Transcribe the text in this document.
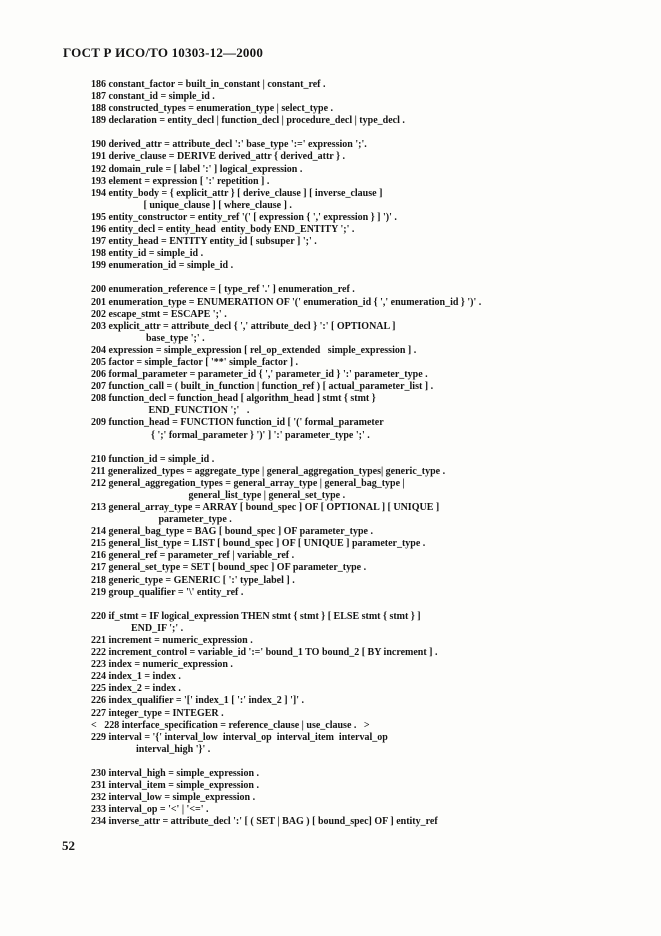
ГОСТ Р ИСО/ТО 10303-12—2000
186 constant_factor = built_in_constant | constant_ref .
187 constant_id = simple_id .
188 constructed_types = enumeration_type | select_type .
189 declaration = entity_decl | function_decl | procedure_decl | type_decl .
190 derived_attr = attribute_decl ':' base_type ':=' expression ';'.
191 derive_clause = DERIVE derived_attr { derived_attr } .
192 domain_rule = [ label ':' ] logical_expression .
193 element = expression [ ':' repetition ] .
194 entity_body = { explicit_attr } [ derive_clause ] [ inverse_clause ]
[ unique_clause ] [ where_clause ] .
195 entity_constructor = entity_ref '(' [ expression { ',' expression } ] ')' .
196 entity_decl = entity_head  entity_body END_ENTITY ';' .
197 entity_head = ENTITY entity_id [ subsuper ] ';' .
198 entity_id = simple_id .
199 enumeration_id = simple_id .
200 enumeration_reference = [ type_ref '.' ] enumeration_ref .
201 enumeration_type = ENUMERATION OF '(' enumeration_id { ',' enumeration_id } ')' .
202 escape_stmt = ESCAPE ';' .
203 explicit_attr = attribute_decl { ',' attribute_decl } ':' [ OPTIONAL ]
base_type ';' .
204 expression = simple_expression [ rel_op_extended   simple_expression ] .
205 factor = simple_factor [ '**' simple_factor ] .
206 formal_parameter = parameter_id { ',' parameter_id } ':' parameter_type .
207 function_call = ( built_in_function | function_ref ) [ actual_parameter_list ] .
208 function_decl = function_head [ algorithm_head ] stmt { stmt }
END_FUNCTION ';'   .
209 function_head = FUNCTION function_id [ '(' formal_parameter
{ ';' formal_parameter } ')' ] ':' parameter_type ';' .
210 function_id = simple_id .
211 generalized_types = aggregate_type | general_aggregation_types| generic_type .
212 general_aggregation_types = general_array_type | general_bag_type |
general_list_type | general_set_type .
213 general_array_type = ARRAY [ bound_spec ] OF [ OPTIONAL ] [ UNIQUE ]
parameter_type .
214 general_bag_type = BAG [ bound_spec ] OF parameter_type .
215 general_list_type = LIST [ bound_spec ] OF [ UNIQUE ] parameter_type .
216 general_ref = parameter_ref | variable_ref .
217 general_set_type = SET [ bound_spec ] OF parameter_type .
218 generic_type = GENERIC [ ':' type_label ] .
219 group_qualifier = '\' entity_ref .
220 if_stmt = IF logical_expression THEN stmt { stmt } [ ELSE stmt { stmt } ]
END_IF ';' .
221 increment = numeric_expression .
222 increment_control = variable_id ':=' bound_1 TO bound_2 [ BY increment ] .
223 index = numeric_expression .
224 index_1 = index .
225 index_2 = index .
226 index_qualifier = '[' index_1 [ ':' index_2 ] ']' .
227 integer_type = INTEGER .
<   228 interface_specification = reference_clause | use_clause .   >
229 interval = '{' interval_low  interval_op  interval_item  interval_op
interval_high '}' .
230 interval_high = simple_expression .
231 interval_item = simple_expression .
232 interval_low = simple_expression .
233 interval_op = '<' | '<=' .
234 inverse_attr = attribute_decl ':' [ ( SET | BAG ) [ bound_spec] OF ] entity_ref
52
